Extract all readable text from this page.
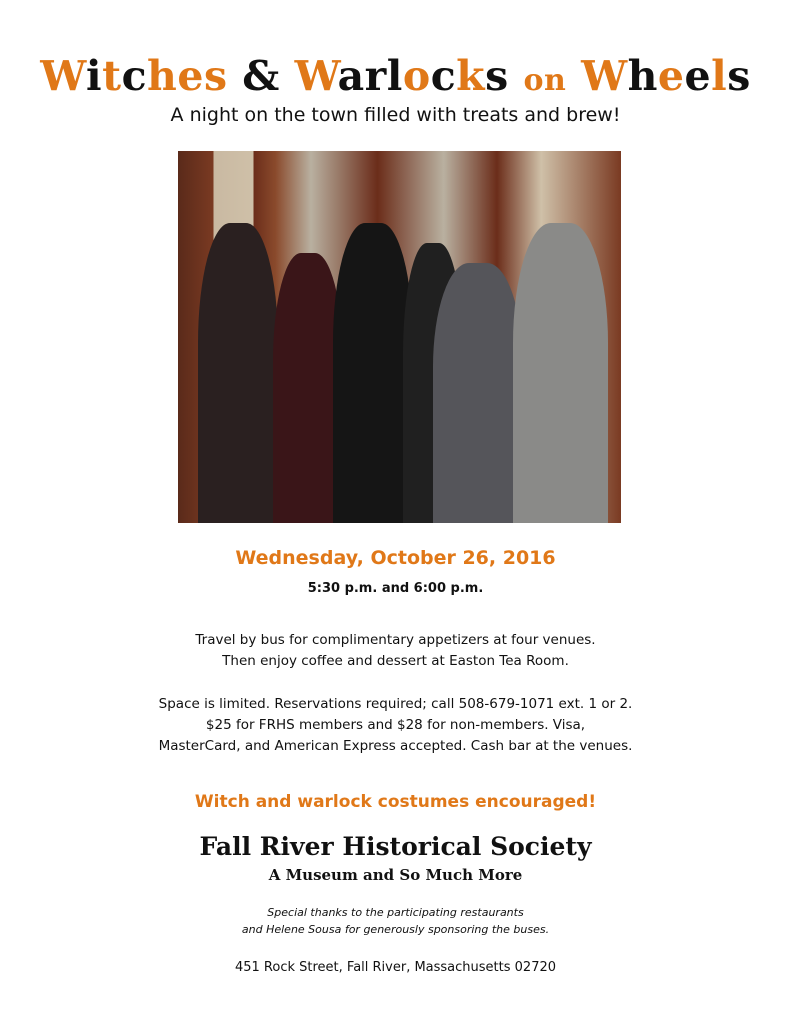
Witches & Warlocks on Wheels
A night on the town filled with treats and brew!
Wednesday, October 26, 2016
5:30 p.m. and 6:00 p.m.
Travel by bus for complimentary appetizers at four venues.
Then enjoy coffee and dessert at Easton Tea Room.
Space is limited. Reservations required; call 508-679-1071 ext. 1 or 2.
$25 for FRHS members and $28 for non-members. Visa,
MasterCard, and American Express accepted. Cash bar at the venues.
Witch and warlock costumes encouraged!
Fall River Historical Society
A Museum and So Much More
Special thanks to the participating restaurants
and Helene Sousa for generously sponsoring the buses.
451 Rock Street, Fall River, Massachusetts 02720
